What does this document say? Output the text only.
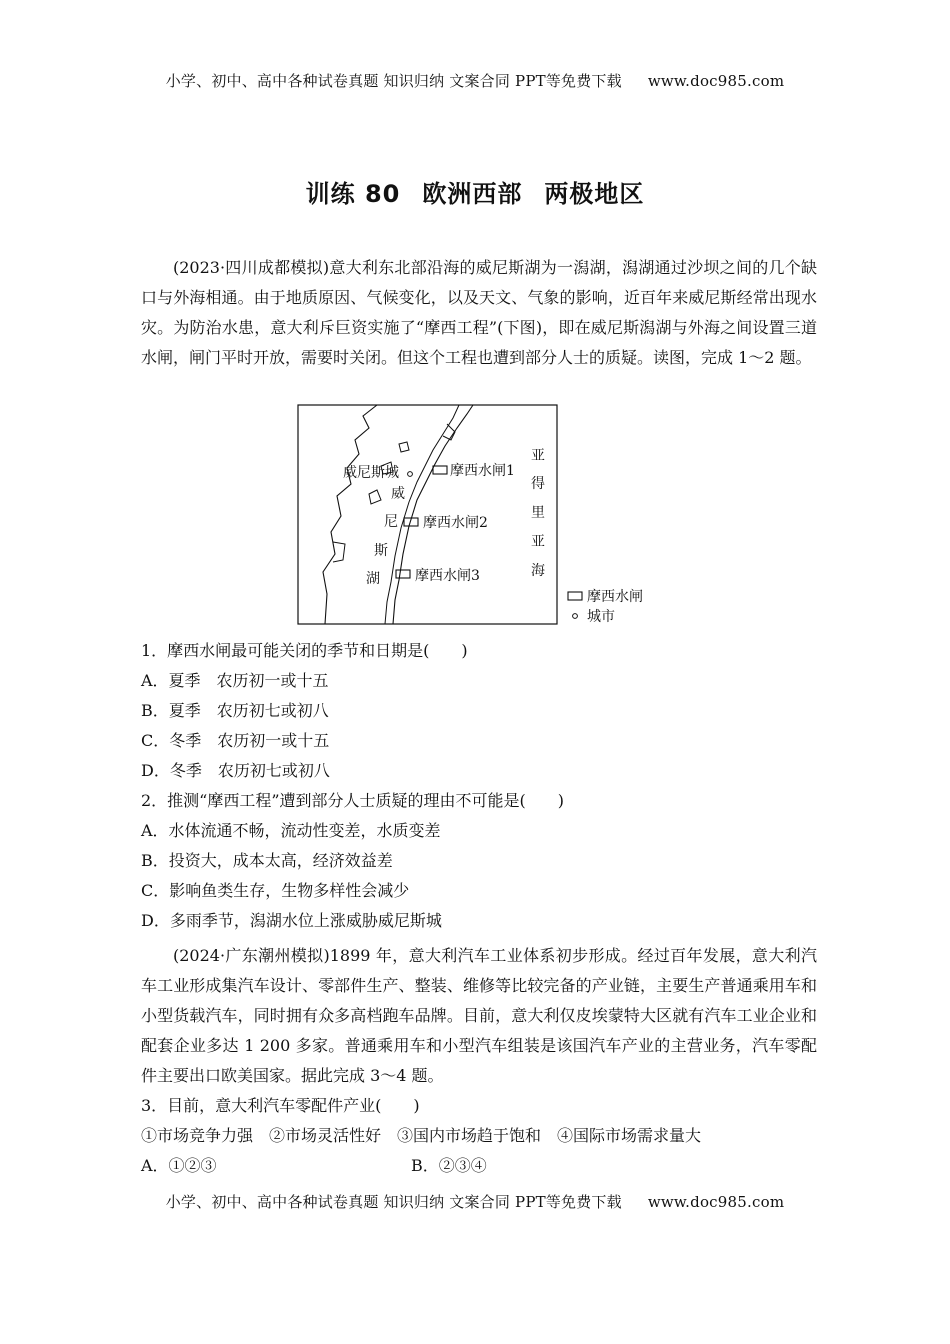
小学、初中、高中各种试卷真题 知识归纳 文案合同 PPT等免费下载 www.doc985.com
训练 80 欧洲西部 两极地区

(2023·四川成都模拟)意大利东北部沿海的威尼斯湖为一潟湖，潟湖通过沙坝之间的几个缺口与外海相通。由于地质原因、气候变化，以及天文、气象的影响，近百年来威尼斯经常出现水灾。为防治水患，意大利斥巨资实施了“摩西工程”(下图)，即在威尼斯潟湖与外海之间设置三道水闸，闸门平时开放，需要时关闭。但这个工程也遭到部分人士的质疑。读图，完成 1～2 题。

威尼斯城
威
尼
斯
湖
摩西水闸1
摩西水闸2
摩西水闸3
亚
得
里
亚
海
摩西水闸
城市

1．摩西水闸最可能关闭的季节和日期是(　　)

A．夏季　农历初一或十五

B．夏季　农历初七或初八

C．冬季　农历初一或十五

D．冬季　农历初七或初八

2．推测“摩西工程”遭到部分人士质疑的理由不可能是(　　)

A．水体流通不畅，流动性变差，水质变差

B．投资大，成本太高，经济效益差

C．影响鱼类生存，生物多样性会减少

D．多雨季节，潟湖水位上涨威胁威尼斯城

(2024·广东潮州模拟)1899 年，意大利汽车工业体系初步形成。经过百年发展，意大利汽车工业形成集汽车设计、零部件生产、整装、维修等比较完备的产业链，主要生产普通乘用车和小型货载汽车，同时拥有众多高档跑车品牌。目前，意大利仅皮埃蒙特大区就有汽车工业企业和配套企业多达 1 200 多家。普通乘用车和小型汽车组装是该国汽车产业的主营业务，汽车零配件主要出口欧美国家。据此完成 3～4 题。

3．目前，意大利汽车零配件产业(　　)

①市场竞争力强　②市场灵活性好　③国内市场趋于饱和　④国际市场需求量大

A．①②③	B．②③④
小学、初中、高中各种试卷真题 知识归纳 文案合同 PPT等免费下载 www.doc985.com
